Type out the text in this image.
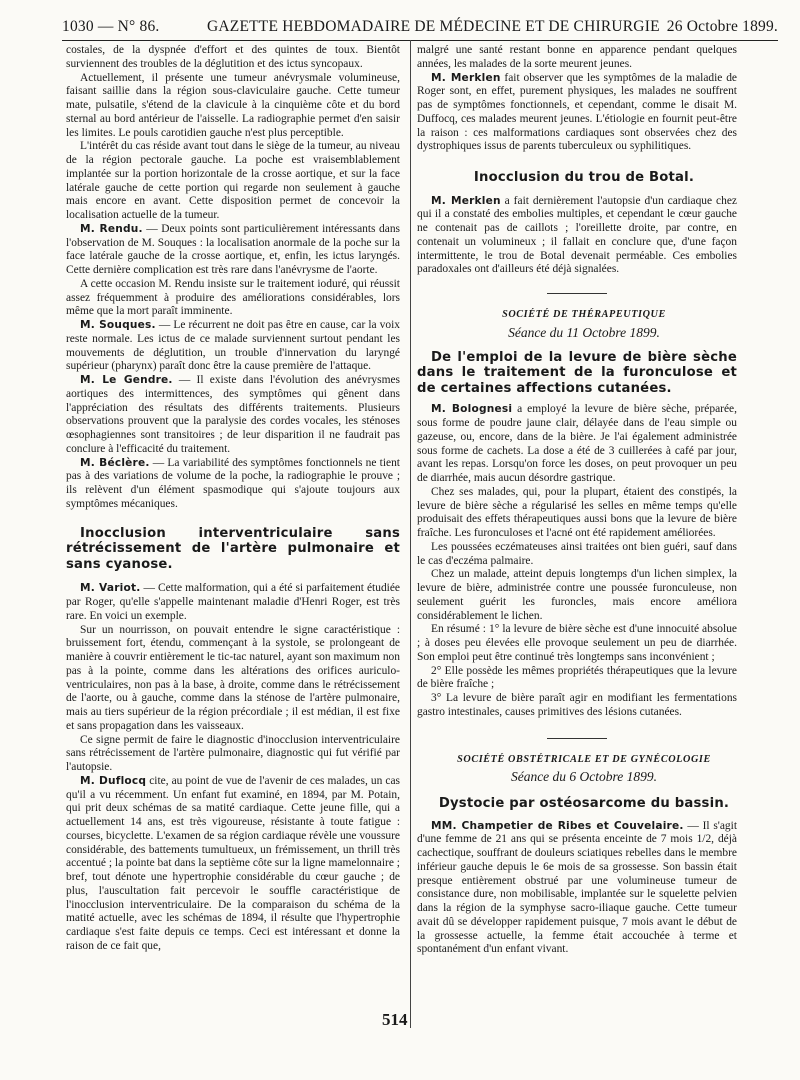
1030 — N° 86.	GAZETTE HEBDOMADAIRE DE MÉDECINE ET DE CHIRURGIE 26 Octobre 1899.

costales, de la dyspnée d'effort et des quintes de toux. Bientôt surviennent des troubles de la déglutition et des ictus syncopaux.

Actuellement, il présente une tumeur anévrysmale volumineuse, faisant saillie dans la région sous-claviculaire gauche. Cette tumeur mate, pulsatile, s'étend de la clavicule à la cinquième côte et du bord sternal au bord antérieur de l'aisselle. La radiographie permet d'en saisir les limites. Le pouls carotidien gauche n'est plus perceptible.

L'intérêt du cas réside avant tout dans le siège de la tumeur, au niveau de la région pectorale gauche. La poche est vraisemblablement implantée sur la portion horizontale de la crosse aortique, et sur la face latérale gauche de cette portion qui regarde non seulement à gauche mais encore en avant. Cette disposition permet de concevoir la localisation actuelle de la tumeur.

M. Rendu. — Deux points sont particulièrement intéressants dans l'observation de M. Souques : la localisation anormale de la poche sur la face latérale gauche de la crosse aortique, et, enfin, les ictus laryngés. Cette dernière complication est très rare dans l'anévrysme de l'aorte.

A cette occasion M. Rendu insiste sur le traitement ioduré, qui réussit assez fréquemment à produire des améliorations considérables, lors même que la mort paraît imminente.

M. Souques. — Le récurrent ne doit pas être en cause, car la voix reste normale. Les ictus de ce malade surviennent surtout pendant les mouvements de déglutition, un trouble d'innervation du laryngé supérieur (pharynx) paraît donc être la cause première de l'attaque.

M. Le Gendre. — Il existe dans l'évolution des anévrysmes aortiques des intermittences, des symptômes qui gênent dans l'appréciation des résultats des différents traitements. Plusieurs observations prouvent que la paralysie des cordes vocales, les sténoses œsophagiennes sont transitoires ; de leur disparition il ne faudrait pas conclure à l'efficacité du traitement.

M. Béclère. — La variabilité des symptômes fonctionnels ne tient pas à des variations de volume de la poche, la radiographie le prouve ; ils relèvent d'un élément spasmodique qui s'ajoute toujours aux symptômes mécaniques.

Inocclusion interventriculaire sans rétrécissement de l'artère pulmonaire et sans cyanose.

M. Variot. — Cette malformation, qui a été si parfaitement étudiée par Roger, qu'elle s'appelle maintenant maladie d'Henri Roger, est très rare. En voici un exemple.

Sur un nourrisson, on pouvait entendre le signe caractéristique : bruissement fort, étendu, commençant à la systole, se prolongeant de manière à couvrir entièrement le tic-tac naturel, ayant son maximum non pas à la pointe, comme dans les altérations des orifices auriculo-ventriculaires, non pas à la base, à droite, comme dans le rétrécissement de l'aorte, ou à gauche, comme dans la sténose de l'artère pulmonaire, mais au tiers supérieur de la région précordiale ; il est médian, il est fixe et sans propagation dans les vaisseaux.

Ce signe permit de faire le diagnostic d'inocclusion interventriculaire sans rétrécissement de l'artère pulmonaire, diagnostic qui fut vérifié par l'autopsie.

M. Duflocq cite, au point de vue de l'avenir de ces malades, un cas qu'il a vu récemment. Un enfant fut examiné, en 1894, par M. Potain, qui prit deux schémas de sa matité cardiaque. Cette jeune fille, qui a actuellement 14 ans, est très vigoureuse, résistante à toute fatigue : courses, bicyclette. L'examen de sa région cardiaque révèle une voussure considérable, des battements tumultueux, un frémissement, un thrill très accentué ; la pointe bat dans la septième côte sur la ligne mamelonnaire ; bref, tout dénote une hypertrophie considérable du cœur gauche ; de plus, l'auscultation fait percevoir le souffle caractéristique de l'inocclusion interventriculaire. De la comparaison du schéma de la matité actuelle, avec les schémas de 1894, il résulte que l'hypertrophie cardiaque s'est faite depuis ce temps. Ceci est intéressant et donne la raison de ce fait que,

malgré une santé restant bonne en apparence pendant quelques années, les malades de la sorte meurent jeunes.

M. Merklen fait observer que les symptômes de la maladie de Roger sont, en effet, purement physiques, les malades ne souffrent pas de symptômes fonctionnels, et cependant, comme le disait M. Duffocq, ces malades meurent jeunes. L'étiologie en fournit peut-être la raison : ces malformations cardiaques sont observées chez des dystrophiques issus de parents tuberculeux ou syphilitiques.

Inocclusion du trou de Botal.

M. Merklen a fait dernièrement l'autopsie d'un cardiaque chez qui il a constaté des embolies multiples, et cependant le cœur gauche ne contenait pas de caillots ; l'oreillette droite, par contre, en contenait un volumineux ; il fallait en conclure que, d'une façon intermittente, le trou de Botal devenait perméable. Ces embolies paradoxales ont d'ailleurs été déjà signalées.

SOCIÉTÉ DE THÉRAPEUTIQUE

Séance du 11 Octobre 1899.

De l'emploi de la levure de bière sèche dans le traitement de la furonculose et de certaines affections cutanées.

M. Bolognesi a employé la levure de bière sèche, préparée, sous forme de poudre jaune clair, délayée dans de l'eau simple ou gazeuse, ou, encore, dans de la bière. Je l'ai également administrée sous forme de cachets. La dose a été de 3 cuillerées à café par jour, avant les repas. Lorsqu'on force les doses, on peut provoquer un peu de diarrhée, mais aucun désordre gastrique.

Chez ses malades, qui, pour la plupart, étaient des constipés, la levure de bière sèche a régularisé les selles en même temps qu'elle produisait des effets thérapeutiques aussi bons que la levure de bière fraîche. Les furonculoses et l'acné ont été rapidement améliorées.

Les poussées eczémateuses ainsi traitées ont bien guéri, sauf dans le cas d'eczéma palmaire.

Chez un malade, atteint depuis longtemps d'un lichen simplex, la levure de bière, administrée contre une poussée furonculeuse, non seulement guérit les furoncles, mais encore améliora considérablement le lichen.

En résumé : 1° la levure de bière sèche est d'une innocuité absolue ; à doses peu élevées elle provoque seulement un peu de diarrhée. Son emploi peut être continué très longtemps sans inconvénient ;

2° Elle possède les mêmes propriétés thérapeutiques que la levure de bière fraîche ;

3° La levure de bière paraît agir en modifiant les fermentations gastro intestinales, causes primitives des lésions cutanées.

SOCIÉTÉ OBSTÉTRICALE ET DE GYNÉCOLOGIE

Séance du 6 Octobre 1899.

Dystocie par ostéosarcome du bassin.

MM. Champetier de Ribes et Couvelaire. — Il s'agit d'une femme de 21 ans qui se présenta enceinte de 7 mois 1/2, déjà cachectique, souffrant de douleurs sciatiques rebelles dans le membre inférieur gauche depuis le 6e mois de sa grossesse. Son bassin était presque entièrement obstrué par une volumineuse tumeur de consistance dure, non mobilisable, implantée sur le squelette pelvien dans la région de la symphyse sacro-iliaque gauche. Cette tumeur avait dû se développer rapidement puisque, 7 mois avant le début de la grossesse actuelle, la femme était accouchée à terme et spontanément d'un enfant vivant.

514
